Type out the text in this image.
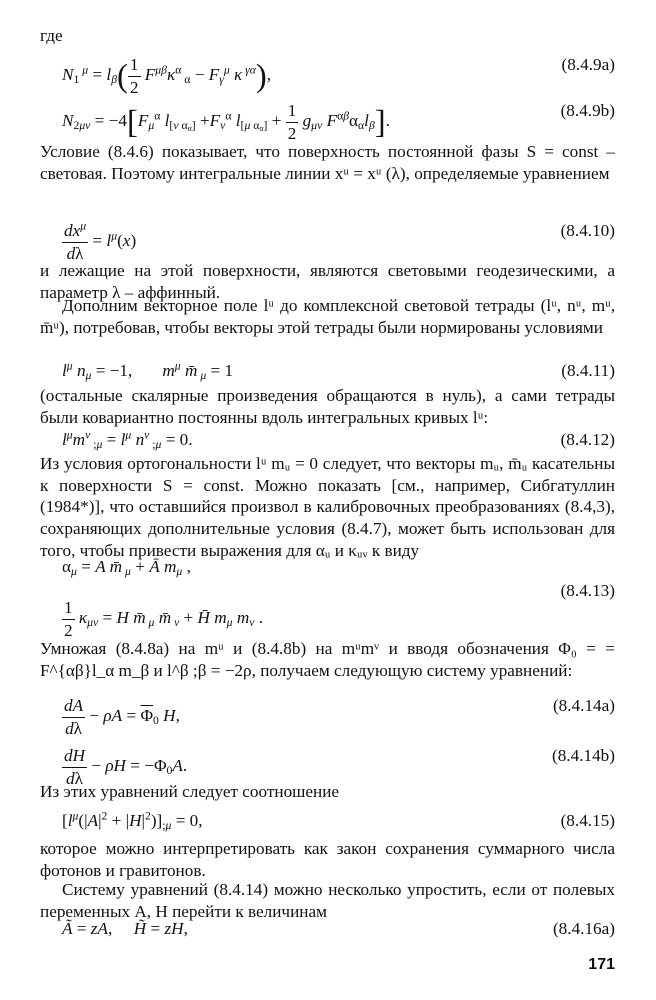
где
$N_1$ $^\mu = l_\beta( \frac{1}{2} F^{\mu\beta}\kappa^\alpha$ $_\alpha - F_\gamma^\mu$ κ $^{\gamma\alpha}$),
(8.4.9a)
$N_{2\mu\nu} = -4[F_\mu^\alpha$ $l_{[\nu \alpha_\alpha]} +F_\nu^\alpha$ $l_{[\mu \alpha_\alpha]} + \frac{1}{2} g_{\mu\nu}$ $F^{\alpha\beta}\alpha_\alpha l_\beta$].
(8.4.9b)

Условие (8.4.6) показывает, что поверхность постоянной фазы S = const – световая. Поэтому интегральные линии xᵘ = xᵘ (λ), определяемые уравнением

$\frac{dx^\mu}{d\lambda} = l^\mu(x)$
(8.4.10)

и лежащие на этой поверхности, являются световыми геодезическими, а параметр λ – аффинный.

Дополним векторное поле lᵘ до комплексной световой тетрады (lᵘ, nᵘ, mᵘ, m̄ᵘ), потребовав, чтобы векторы этой тетрады были нормированы условиями

$l^\mu$ $n_\mu = -1$,       $m^\mu$ m̄ $_\mu$ = 1	(8.4.11)

(остальные скалярные произведения обращаются в нуль), а сами тетрады были ковариантно постоянны вдоль интегральных кривых lᵘ:

$l^\mu m^\nu$ $_{;\mu} = l^\mu$ $n^\nu$ $_{;\mu}$ = 0.	(8.4.12)

Из условия ортогональности lᵘ mᵤ = 0 следует, что векторы mᵤ, m̄ᵤ касательны к поверхности S = const. Можно показать [см., например, Сибгатуллин (1984*)], что оставшийся произвол в калибровочных преобразованиях (8.4,3), сохраняющих дополнительные условия (8.4.7), может быть использован для того, чтобы привести выражения для αᵤ и κᵤᵥ к виду

$\alpha_\mu = A$ m̄ $_\mu$ + Ā $m_\mu$ ,
(8.4.13)
$\frac{1}{2} \kappa_{\mu\nu} = H$ m̄ $_\mu$ m̄ $_\nu$ + H̄ $m_\mu$ $m_\nu$ .

Умножая (8.4.8a) на mᵘ и (8.4.8b) на mᵘmᵛ и вводя обозначения Φ₀ = = F^{αβ}l_α m_β и l^β ;β = −2ρ, получаем следующую систему уравнений:

$\frac{dA}{d\lambda} - \rho A = \overline{\Phi}_0$ H,
(8.4.14a)
$\frac{dH}{d\lambda} - \rho H = -\Phi_0A$.
(8.4.14b)

Из этих уравнений следует соотношение

$[l^\mu(|A|^2 + |H|^2)]_{;\mu} = 0$,	(8.4.15)

которое можно интерпретировать как закон сохранения суммарного числа фотонов и гравитонов.

Систему уравнений (8.4.14) можно несколько упростить, если от полевых переменных A, H перейти к величинам

Ã = zA,     H̃ = zH,	(8.4.16a)
171
